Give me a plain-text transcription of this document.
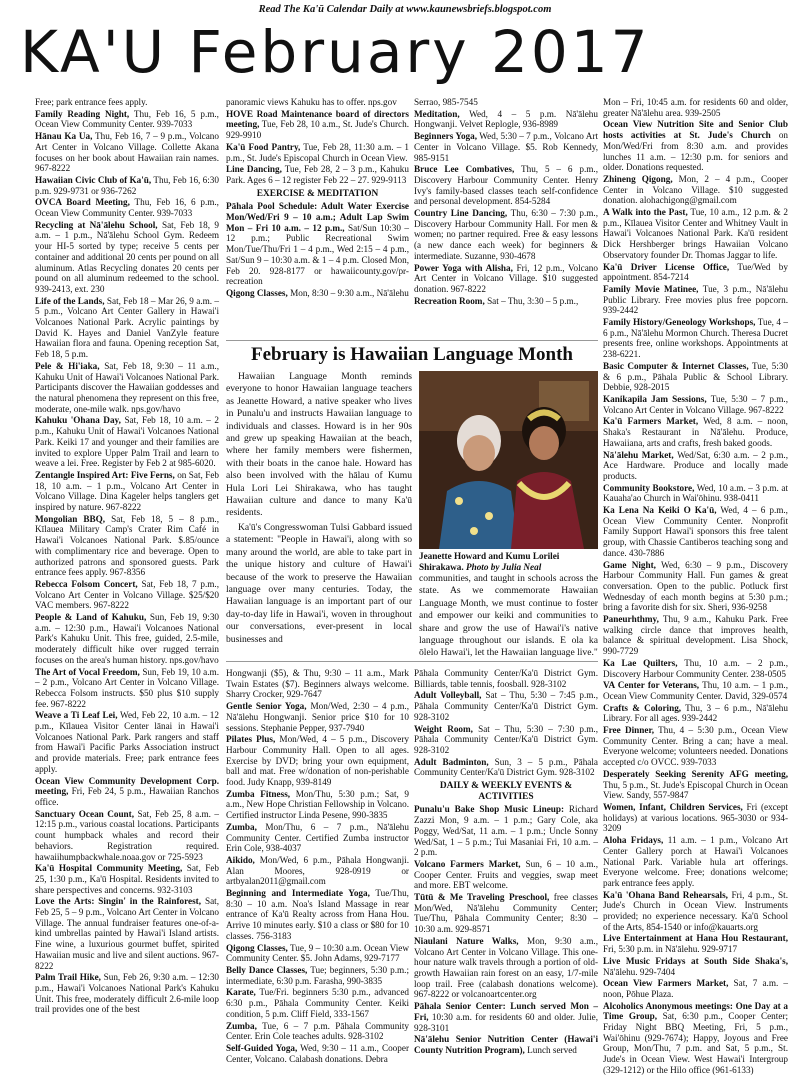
Read The Ka'ū Calendar Daily at www.kaunewsbriefs.blogspot.com
KA'U February 2017
Free; park entrance fees apply.
Family Reading Night, Thu, Feb 16, 5 p.m., Ocean View Community Center. 939-7033
Hānau Ka Ua, Thu, Feb 16, 7 – 9 p.m., Volcano Art Center in Volcano Village. Collette Akana focuses on her book about Hawaiian rain names. 967-8222
Hawaiian Civic Club of Ka'ū, Thu, Feb 16, 6:30 p.m. 929-9731 or 936-7262
OVCA Board Meeting, Thu, Feb 16, 6 p.m., Ocean View Community Center. 939-7033
Recycling at Nā'ālehu School, Sat, Feb 18, 9 a.m. – 1 p.m., Nā'ālehu School Gym. Redeem your HI-5 sorted by type; receive 5 cents per container and additional 20 cents per pound on all aluminum. Atlas Recycling donates 20 cents per pound on all aluminum redeemed to the school. 939-2413, ext. 230
Life of the Lands, Sat, Feb 18 – Mar 26, 9 a.m. – 5 p.m., Volcano Art Center Gallery in Hawai'i Volcanoes National Park. Acrylic paintings by David K. Hayes and Daniel VanZyle feature Hawaiian flora and fauna. Opening reception Sat, Feb 18, 5 p.m.
Pele & Hi'iaka, Sat, Feb 18, 9:30 – 11 a.m., Kahuku Unit of Hawai'i Volcanoes National Park. Participants discover the Hawaiian goddesses and the natural phenomena they represent on this free, moderate, one-mile walk. nps.gov/havo
Kahuku 'Ohana Day, Sat, Feb 18, 10 a.m. – 2 p.m., Kahuku Unit of Hawai'i Volcanoes National Park. Keiki 17 and younger and their families are invited to explore Upper Palm Trail and learn to weave a lei. Free. Register by Feb 2 at 985-6020.
Zentangle Inspired Art: Five Ferns, on Sat, Feb 18, 10 a.m. – 1 p.m., Volcano Art Center in Volcano Village. Dina Kageler helps tanglers get inspired by nature. 967-8222
Mongolian BBQ, Sat, Feb 18, 5 – 8 p.m., Kīlauea Military Camp's Crater Rim Café in Hawai'i Volcanoes National Park. $.85/ounce with complimentary rice and beverage. Open to authorized patrons and sponsored guests. Park entrance fees apply. 967-8356
Rebecca Folsom Concert, Sat, Feb 18, 7 p.m., Volcano Art Center in Volcano Village. $25/$20 VAC members. 967-8222
People & Land of Kahuku, Sun, Feb 19, 9:30 a.m. – 12:30 p.m., Hawai'i Volcanoes National Park's Kahuku Unit. This free, guided, 2.5-mile, moderately difficult hike over rugged terrain focuses on the area's human history. nps.gov/havo
The Art of Vocal Freedom, Sun, Feb 19, 10 a.m. – 2 p.m., Volcano Art Center in Volcano Village. Rebecca Folsom instructs. $50 plus $10 supply fee. 967-8222
Weave a Ti Leaf Lei, Wed, Feb 22, 10 a.m. – 12 p.m., Kīlauea Visitor Center lānai in Hawai'i Volcanoes National Park. Park rangers and staff from Hawai'i Pacific Parks Association instruct and provide materials. Free; park entrance fees apply.
Ocean View Community Development Corp. meeting, Fri, Feb 24, 5 p.m., Hawaiian Ranchos office.
Sanctuary Ocean Count, Sat, Feb 25, 8 a.m. – 12:15 p.m., various coastal locations. Participants count humpback whales and record their behaviors. Registration required. hawaiihumpbackwhale.noaa.gov or 725-5923
Ka'ū Hospital Community Meeting, Sat, Feb 25, 1:30 p.m., Ka'ū Hospital. Residents invited to share perspectives and concerns. 932-3103
Love the Arts: Singin' in the Rainforest, Sat, Feb 25, 5 – 9 p.m., Volcano Art Center in Volcano Village. The annual fundraiser features one-of-a-kind umbrellas painted by Hawai'i Island artists. Fine wine, a luxurious gourmet buffet, spirited Hawaiian music and live and silent auctions. 967-8222
Palm Trail Hike, Sun, Feb 26, 9:30 a.m. – 12:30 p.m., Hawai'i Volcanoes National Park's Kahuku Unit. This free, moderately difficult 2.6-mile loop trail provides one of the best
panoramic views Kahuku has to offer. nps.gov
HOVE Road Maintenance board of directors meeting, Tue, Feb 28, 10 a.m., St. Jude's Church. 929-9910
Ka'ū Food Pantry, Tue, Feb 28, 11:30 a.m. – 1 p.m., St. Jude's Episcopal Church in Ocean View.
Line Dancing, Tue, Feb 28, 2 – 3 p.m., Kahuku Park. Ages 6 – 12 register Feb 22 – 27. 929-9113
EXERCISE & MEDITATION
Pāhala Pool Schedule: Adult Water Exercise Mon/Wed/Fri 9 – 10 a.m.; Adult Lap Swim Mon – Fri 10 a.m. – 12 p.m., Sat/Sun 10:30 – 12 p.m.; Public Recreational Swim Mon/Tue/Thu/Fri 1 – 4 p.m., Wed 2:15 – 4 p.m., Sat/Sun 9 – 10:30 a.m. & 1 – 4 p.m. Closed Mon, Feb 20. 928-8177 or hawaiicounty.gov/pr-recreation
Qigong Classes, Mon, 8:30 – 9:30 a.m., Nā'ālehu
Serrao, 985-7545
Meditation, Wed, 4 – 5 p.m. Nā'ālehu Hongwanji. Velvet Replogle, 936-8989
Beginners Yoga, Wed, 5:30 – 7 p.m., Volcano Art Center in Volcano Village. $5. Rob Kennedy, 985-9151
Bruce Lee Combatives, Thu, 5 – 6 p.m., Discovery Harbour Community Center. Henry Ivy's family-based classes teach self-confidence and personal development. 854-5284
Country Line Dancing, Thu, 6:30 – 7:30 p.m., Discovery Harbour Community Hall. For men & women; no partner required. Free & easy lessons (a new dance each week) for beginners & intermediate. Suzanne, 930-4678
Power Yoga with Alisha, Fri, 12 p.m., Volcano Art Center in Volcano Village. $10 suggested donation. 967-8222
Recreation Room, Sat – Thu, 3:30 – 5 p.m.,
February is Hawaiian Language Month

Hawaiian Language Month reminds everyone to honor Hawaiian language teachers as Jeanette Howard, a native speaker who lives in Punalu'u and instructs Hawaiian language to individuals and classes. Howard is in her 90s and grew up speaking Hawaiian at the beach, where her family members were fishermen, with their boats in the canoe hale. Howard has also been involved with the hālau of Kumu Hula Lori Lei Shirakawa, who has taught Hawaiian culture and dance to many Ka'ū residents.

Ka'ū's Congresswoman Tulsi Gabbard issued a statement: "People in Hawai'i, along with so many around the world, are able to take part in the unique history and culture of Hawai'i because of the work to preserve the Hawaiian language over many centuries. Today, the Hawaiian language is an important part of our day-to-day life in Hawai'i, woven in throughout our conversations, ever-present in local businesses and

Jeanette Howard and Kumu Lorilei Shirakawa. Photo by Julia Neal

communities, and taught in schools across the state. As we commemorate Hawaiian Language Month, we must continue to foster and empower our keiki and communities to share and grow the use of Hawai'i's native language throughout our islands. E ola ka ōlelo Hawai'i, let the Hawaiian language live."

Hongwanji ($5), & Thu, 9:30 – 11 a.m., Mark Twain Estates ($7). Beginners always welcome. Sharry Crocker, 929-7647
Gentle Senior Yoga, Mon/Wed, 2:30 – 4 p.m., Nā'ālehu Hongwanji. Senior price $10 for 10 sessions. Stephanie Pepper, 937-7940
Pilates Plus, Mon/Wed, 4 – 5 p.m., Discovery Harbour Community Hall. Open to all ages. Exercise by DVD; bring your own equipment, ball and mat. Free w/donation of non-perishable food. Judy Knapp, 939-8149
Zumba Fitness, Mon/Thu, 5:30 p.m.; Sat, 9 a.m., New Hope Christian Fellowship in Volcano. Certified instructor Linda Pesene, 990-3835
Zumba, Mon/Thu, 6 – 7 p.m., Nā'ālehu Community Center. Certified Zumba instructor Erin Cole, 938-4037
Aikido, Mon/Wed, 6 p.m., Pāhala Hongwanji. Alan Moores, 928-0919 or artbyalan2011@gmail.com
Beginning and Intermediate Yoga, Tue/Thu, 8:30 – 10 a.m. Noa's Island Massage in rear entrance of Ka'ū Realty across from Hana Hou. Arrive 10 minutes early. $10 a class or $80 for 10 classes. 756-3183
Qigong Classes, Tue, 9 – 10:30 a.m. Ocean View Community Center. $5. John Adams, 929-7177
Belly Dance Classes, Tue; beginners, 5:30 p.m.; intermediate, 6:30 p.m. Farasha, 990-3835
Karate, Tue/Fri. beginners 5:30 p.m., advanced 6:30 p.m., Pāhala Community Center. Keiki condition, 5 p.m. Cliff Field, 333-1567
Zumba, Tue, 6 – 7 p.m. Pāhala Community Center. Erin Cole teaches adults. 928-3102
Self-Guided Yoga, Wed, 9:30 – 11 a.m., Cooper Center, Volcano. Calabash donations. Debra
Pāhala Community Center/Ka'ū District Gym. Billiards, table tennis, foosball. 928-3102
Adult Volleyball, Sat – Thu, 5:30 – 7:45 p.m., Pāhala Community Center/Ka'ū District Gym. 928-3102
Weight Room, Sat – Thu, 5:30 – 7:30 p.m., Pāhala Community Center/Ka'ū District Gym. 928-3102
Adult Badminton, Sun, 3 – 5 p.m., Pāhala Community Center/Ka'ū District Gym. 928-3102
DAILY & WEEKLY EVENTS & ACTIVITIES
Punalu'u Bake Shop Music Lineup: Richard Zazzi Mon, 9 a.m. – 1 p.m.; Gary Cole, aka Poggy, Wed/Sat, 11 a.m. – 1 p.m.; Uncle Sonny Wed/Sat, 1 – 5 p.m.; Tui Masaniai Fri, 10 a.m. – 2 p.m.
Volcano Farmers Market, Sun, 6 – 10 a.m., Cooper Center. Fruits and veggies, swap meet and more. EBT welcome.
Tūtū & Me Traveling Preschool, free classes Mon/Wed, Nā'ālehu Community Center; Tue/Thu, Pāhala Community Center; 8:30 – 10:30 a.m. 929-8571
Niaulani Nature Walks, Mon, 9:30 a.m., Volcano Art Center in Volcano Village. This one-hour nature walk travels through a portion of old-growth Hawaiian rain forest on an easy, 1/7-mile loop trail. Free (calabash donations welcome). 967-8222 or volcanoartcenter.org
Pāhala Senior Center: Lunch served Mon – Fri, 10:30 a.m. for residents 60 and older. Julie, 928-3101
Nā'ālehu Senior Nutrition Center (Hawai'i County Nutrition Program), Lunch served
Mon – Fri, 10:45 a.m. for residents 60 and older, greater Nā'ālehu area. 939-2505
Ocean View Nutrition Site and Senior Club hosts activities at St. Jude's Church on Mon/Wed/Fri from 8:30 a.m. and provides lunches 11 a.m. – 12:30 p.m. for seniors and older. Donations requested.
Zhineng Qigong, Mon, 2 – 4 p.m., Cooper Center in Volcano Village. $10 suggested donation. alohachigong@gmail.com
A Walk into the Past, Tue, 10 a.m., 12 p.m. & 2 p.m., Kīlauea Visitor Center and Whitney Vault in Hawai'i Volcanoes National Park. Ka'ū resident Dick Hershberger brings Hawaiian Volcano Observatory founder Dr. Thomas Jaggar to life.
Ka'ū Driver License Office, Tue/Wed by appointment. 854-7214
Family Movie Matinee, Tue, 3 p.m., Nā'ālehu Public Library. Free movies plus free popcorn. 939-2442
Family History/Geneology Workshops, Tue, 4 – 6 p.m., Nā'ālehu Mormon Church. Theresa Ducret presents free, online workshops. Appointments at 238-6221.
Basic Computer & Internet Classes, Tue, 5:30 & 6 p.m., Pāhala Public & School Library. Debbie, 928-2015
Kanikapila Jam Sessions, Tue, 5:30 – 7 p.m., Volcano Art Center in Volcano Village. 967-8222
Ka'ū Farmers Market, Wed, 8 a.m. – noon, Shaka's Restaurant in Nā'ālehu. Produce, Hawaiiana, arts and crafts, fresh baked goods.
Nā'ālehu Market, Wed/Sat, 6:30 a.m. – 2 p.m., Ace Hardware. Produce and locally made products.
Community Bookstore, Wed, 10 a.m. – 3 p.m. at Kauaha'ao Church in Wai'ōhinu. 938-0411
Ka Lena Na Keiki O Ka'ū, Wed, 4 – 6 p.m., Ocean View Community Center. Nonprofit Family Support Hawai'i sponsors this free talent group, with Chassie Cantiberos teaching song and dance. 430-7886
Game Night, Wed, 6:30 – 9 p.m., Discovery Harbour Community Hall. Fun games & great conversation. Open to the public. Potluck first Wednesday of each month begins at 5:30 p.m.; bring a favorite dish for six. Sheri, 936-9258
Paneurhthmy, Thu, 9 a.m., Kahuku Park. Free walking circle dance that improves health, balance & spiritual development. Lisa Shock, 990-7729
Ka Lae Quilters, Thu, 10 a.m. – 2 p.m., Discovery Harbour Community Center. 238-0505
VA Center for Veterans, Thu, 10 a.m. – 1 p.m., Ocean View Community Center. David, 329-0574
Crafts & Coloring, Thu, 3 – 6 p.m., Nā'ālehu Library. For all ages. 939-2442
Free Dinner, Thu, 4 – 5:30 p.m., Ocean View Community Center. Bring a can; have a meal. Everyone welcome; volunteers needed. Donations accepted c/o OVCC. 939-7033
Desperately Seeking Serenity AFG meeting, Thu, 5 p.m., St. Jude's Episcopal Church in Ocean View. Sandy, 557-9847
Women, Infant, Children Services, Fri (except holidays) at various locations. 965-3030 or 934-3209
Aloha Fridays, 11 a.m. – 1 p.m., Volcano Art Center Gallery porch at Hawai'i Volcanoes National Park. Variable hula art offerings. Everyone welcome. Free; donations welcome; park entrance fees apply.
Ka'ū 'Ohana Band Rehearsals, Fri, 4 p.m., St. Jude's Church in Ocean View. Instruments provided; no experience necessary. Ka'ū School of the Arts, 854-1540 or info@kauarts.org
Live Entertainment at Hana Hou Restaurant, Fri, 5:30 p.m. in Nā'ālehu. 929-9717
Live Music Fridays at South Side Shaka's, Nā'ālehu. 929-7404
Ocean View Farmers Market, Sat, 7 a.m. – noon, Pōhue Plaza.
Alcoholics Anonymous meetings: One Day at a Time Group, Sat, 6:30 p.m., Cooper Center; Friday Night BBQ Meeting, Fri, 5 p.m., Wai'ōhinu (929-7674); Happy, Joyous and Free Group, Mon/Thu, 7 p.m. and Sat, 5 p.m., St. Jude's in Ocean View. West Hawai'i Intergroup (329-1212) or the Hilo office (961-6133)
